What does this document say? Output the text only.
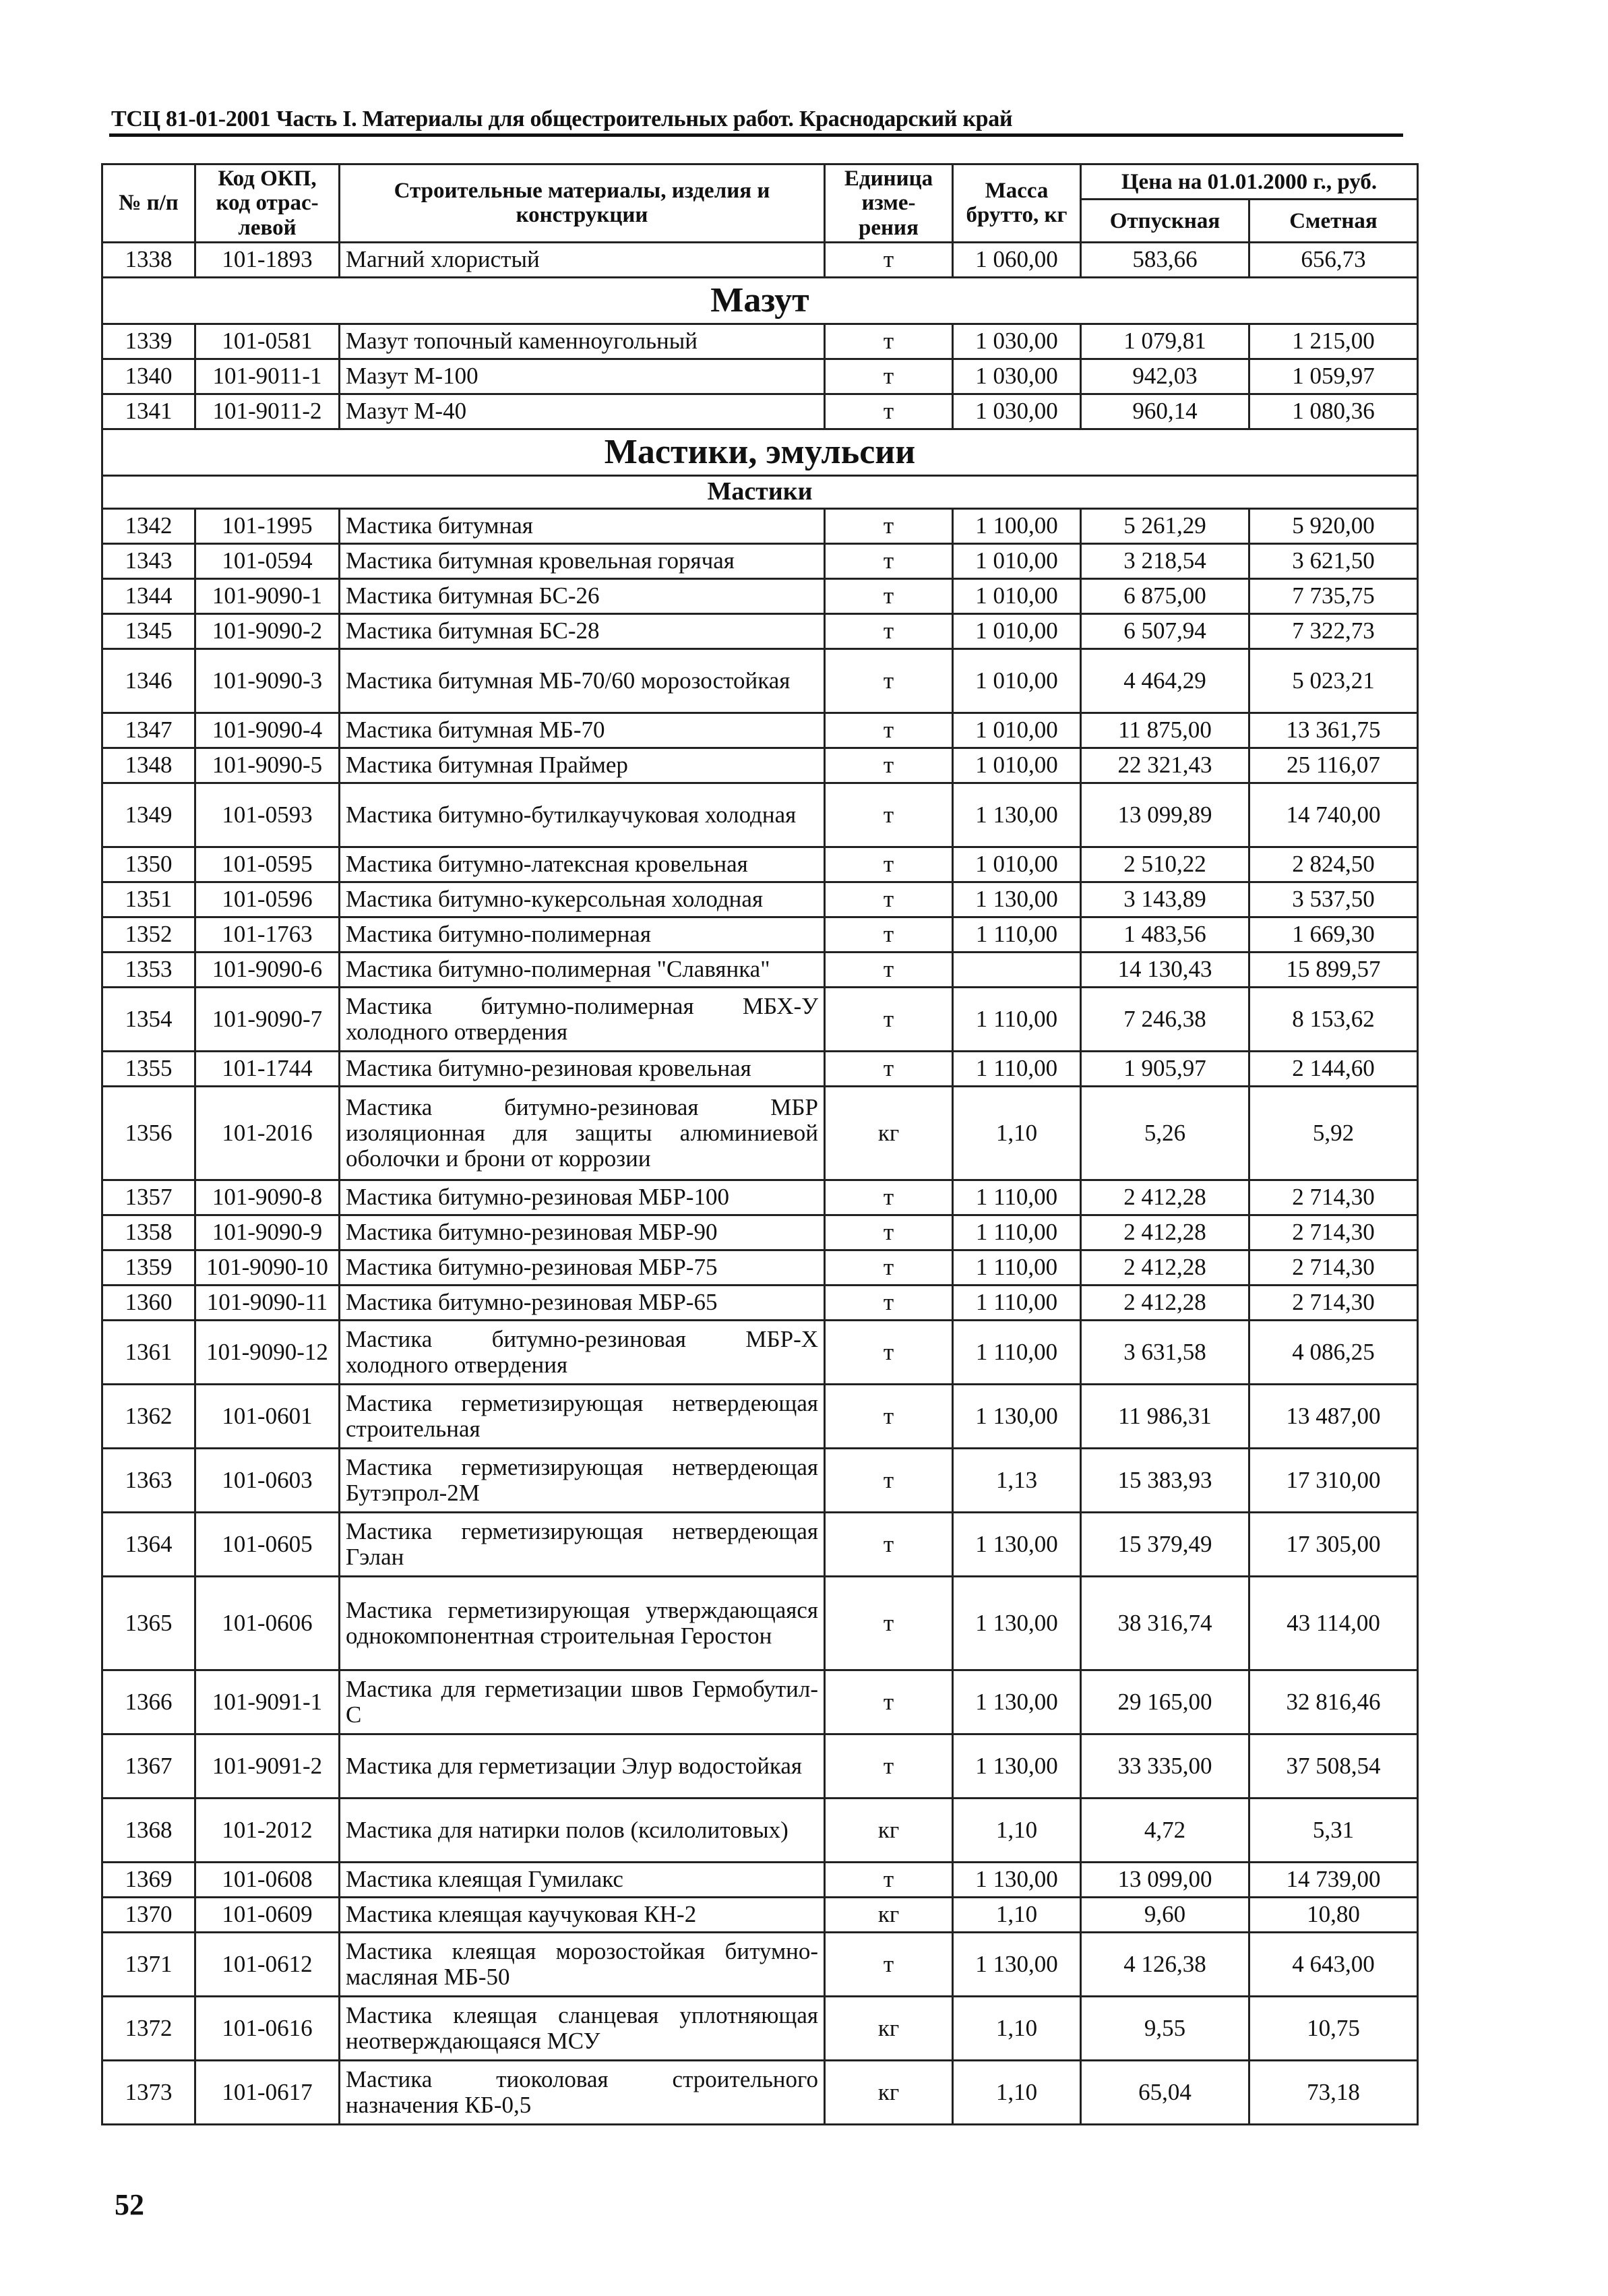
ТСЦ 81-01-2001 Часть I. Материалы для общестроительных работ. Краснодарский край
№ п/п	Код ОКП, код отрас- левой	Строительные материалы, изделия и конструкции	Единица изме- рения	Масса брутто, кг	Цена на 01.01.2000 г., руб.	
					Отпускная	Сметная
1338	101-1893	Магний хлористый	т	1 060,00	583,66	656,73
Мазут						
1339	101-0581	Мазут топочный каменноугольный	т	1 030,00	1 079,81	1 215,00
1340	101-9011-1	Мазут М-100	т	1 030,00	942,03	1 059,97
1341	101-9011-2	Мазут М-40	т	1 030,00	960,14	1 080,36
Мастики, эмульсии						
Мастики						
1342	101-1995	Мастика битумная	т	1 100,00	5 261,29	5 920,00
1343	101-0594	Мастика битумная кровельная горячая	т	1 010,00	3 218,54	3 621,50
1344	101-9090-1	Мастика битумная БС-26	т	1 010,00	6 875,00	7 735,75
1345	101-9090-2	Мастика битумная БС-28	т	1 010,00	6 507,94	7 322,73
1346	101-9090-3	Мастика битумная МБ-70/60 морозостойкая	т	1 010,00	4 464,29	5 023,21
1347	101-9090-4	Мастика битумная МБ-70	т	1 010,00	11 875,00	13 361,75
1348	101-9090-5	Мастика битумная Праймер	т	1 010,00	22 321,43	25 116,07
1349	101-0593	Мастика битумно-бутилкаучуковая холодная	т	1 130,00	13 099,89	14 740,00
1350	101-0595	Мастика битумно-латексная кровельная	т	1 010,00	2 510,22	2 824,50
1351	101-0596	Мастика битумно-кукерсольная холодная	т	1 130,00	3 143,89	3 537,50
1352	101-1763	Мастика битумно-полимерная	т	1 110,00	1 483,56	1 669,30
1353	101-9090-6	Мастика битумно-полимерная "Славянка"	т		14 130,43	15 899,57
1354	101-9090-7	Мастика битумно-полимерная МБХ-У холодного отвердения	т	1 110,00	7 246,38	8 153,62
1355	101-1744	Мастика битумно-резиновая кровельная	т	1 110,00	1 905,97	2 144,60
1356	101-2016	Мастика битумно-резиновая МБР изоляционная для защиты алюминиевой оболочки и брони от коррозии	кг	1,10	5,26	5,92
1357	101-9090-8	Мастика битумно-резиновая МБР-100	т	1 110,00	2 412,28	2 714,30
1358	101-9090-9	Мастика битумно-резиновая МБР-90	т	1 110,00	2 412,28	2 714,30
1359	101-9090-10	Мастика битумно-резиновая МБР-75	т	1 110,00	2 412,28	2 714,30
1360	101-9090-11	Мастика битумно-резиновая МБР-65	т	1 110,00	2 412,28	2 714,30
1361	101-9090-12	Мастика битумно-резиновая МБР-Х холодного отвердения	т	1 110,00	3 631,58	4 086,25
1362	101-0601	Мастика герметизирующая нетвердеющая строительная	т	1 130,00	11 986,31	13 487,00
1363	101-0603	Мастика герметизирующая нетвердеющая Бутэпрол-2М	т	1,13	15 383,93	17 310,00
1364	101-0605	Мастика герметизирующая нетвердеющая Гэлан	т	1 130,00	15 379,49	17 305,00
1365	101-0606	Мастика герметизирующая утверждающаяся однокомпонентная строительная Геростон	т	1 130,00	38 316,74	43 114,00
1366	101-9091-1	Мастика для герметизации швов Гермобутил-С	т	1 130,00	29 165,00	32 816,46
1367	101-9091-2	Мастика для герметизации Элур водостойкая	т	1 130,00	33 335,00	37 508,54
1368	101-2012	Мастика для натирки полов (ксилолитовых)	кг	1,10	4,72	5,31
1369	101-0608	Мастика клеящая Гумилакс	т	1 130,00	13 099,00	14 739,00
1370	101-0609	Мастика клеящая каучуковая КН-2	кг	1,10	9,60	10,80
1371	101-0612	Мастика клеящая морозостойкая битумно-масляная МБ-50	т	1 130,00	4 126,38	4 643,00
1372	101-0616	Мастика клеящая сланцевая уплотняющая неотверждающаяся МСУ	кг	1,10	9,55	10,75
1373	101-0617	Мастика тиоколовая строительного назначения КБ-0,5	кг	1,10	65,04	73,18
52
